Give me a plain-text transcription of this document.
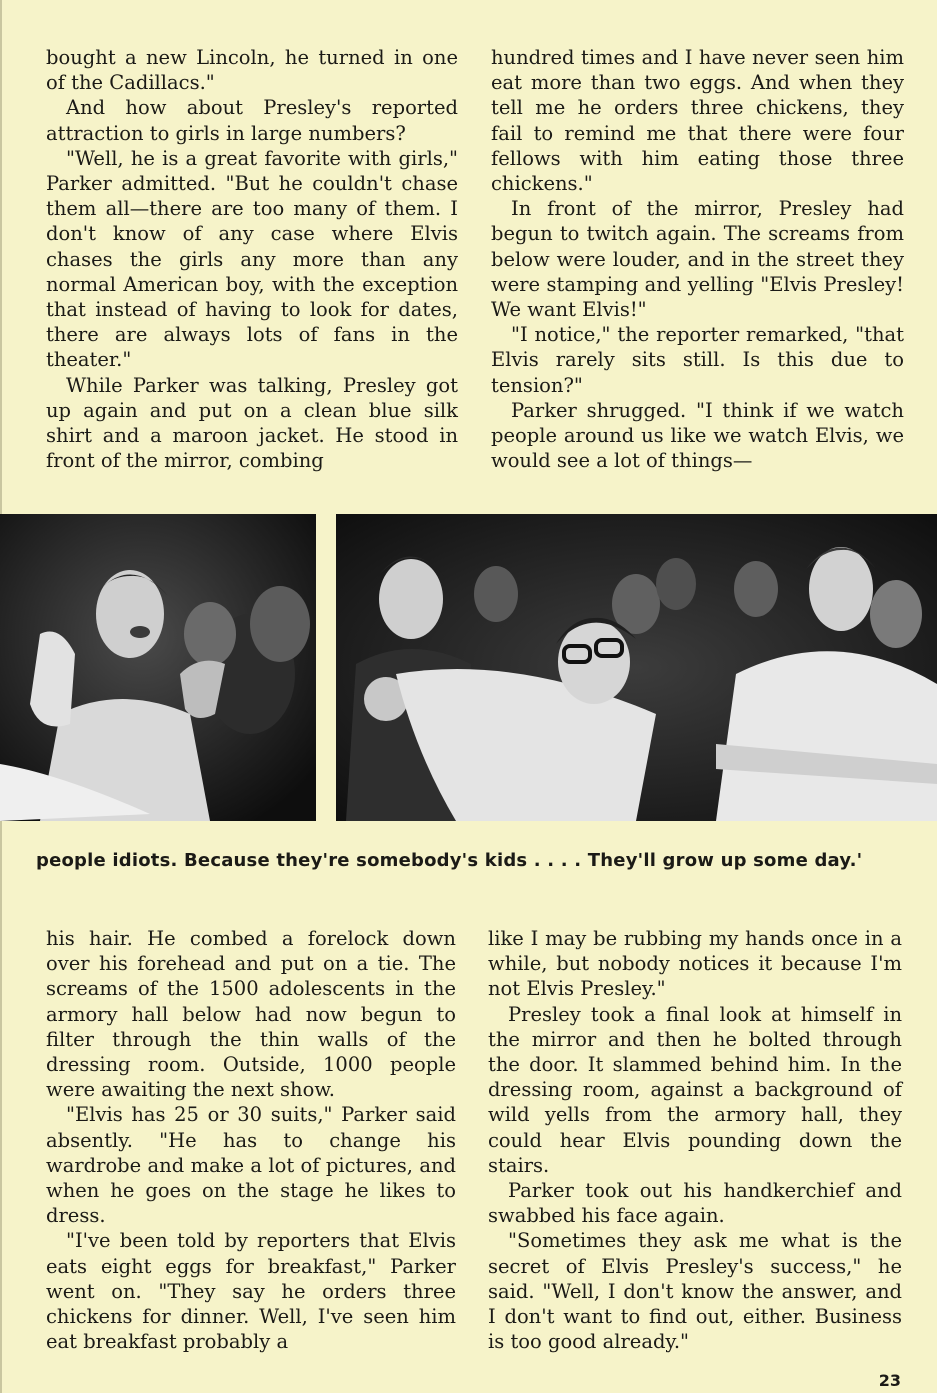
bought a new Lincoln, he turned in one of the Cadillacs."

And how about Presley's reported attraction to girls in large numbers?

"Well, he is a great favorite with girls," Parker admitted. "But he couldn't chase them all—there are too many of them. I don't know of any case where Elvis chases the girls any more than any normal American boy, with the exception that instead of having to look for dates, there are always lots of fans in the theater."

While Parker was talking, Presley got up again and put on a clean blue silk shirt and a maroon jacket. He stood in front of the mirror, combing

hundred times and I have never seen him eat more than two eggs. And when they tell me he orders three chickens, they fail to remind me that there were four fellows with him eating those three chickens."

In front of the mirror, Presley had begun to twitch again. The screams from below were louder, and in the street they were stamping and yelling "Elvis Presley! We want Elvis!"

"I notice," the reporter remarked, "that Elvis rarely sits still. Is this due to tension?"

Parker shrugged. "I think if we watch people around us like we watch Elvis, we would see a lot of things—

people idiots. Because they're somebody's kids . . . . They'll grow up some day.'

his hair. He combed a forelock down over his forehead and put on a tie. The screams of the 1500 adolescents in the armory hall below had now begun to filter through the thin walls of the dressing room. Outside, 1000 people were awaiting the next show.

"Elvis has 25 or 30 suits," Parker said absently. "He has to change his wardrobe and make a lot of pictures, and when he goes on the stage he likes to dress.

"I've been told by reporters that Elvis eats eight eggs for breakfast," Parker went on. "They say he orders three chickens for dinner. Well, I've seen him eat breakfast probably a

like I may be rubbing my hands once in a while, but nobody notices it because I'm not Elvis Presley."

Presley took a final look at himself in the mirror and then he bolted through the door. It slammed behind him. In the dressing room, against a background of wild yells from the armory hall, they could hear Elvis pounding down the stairs.

Parker took out his handkerchief and swabbed his face again.

"Sometimes they ask me what is the secret of Elvis Presley's success," he said. "Well, I don't know the answer, and I don't want to find out, either. Business is too good already."

23
